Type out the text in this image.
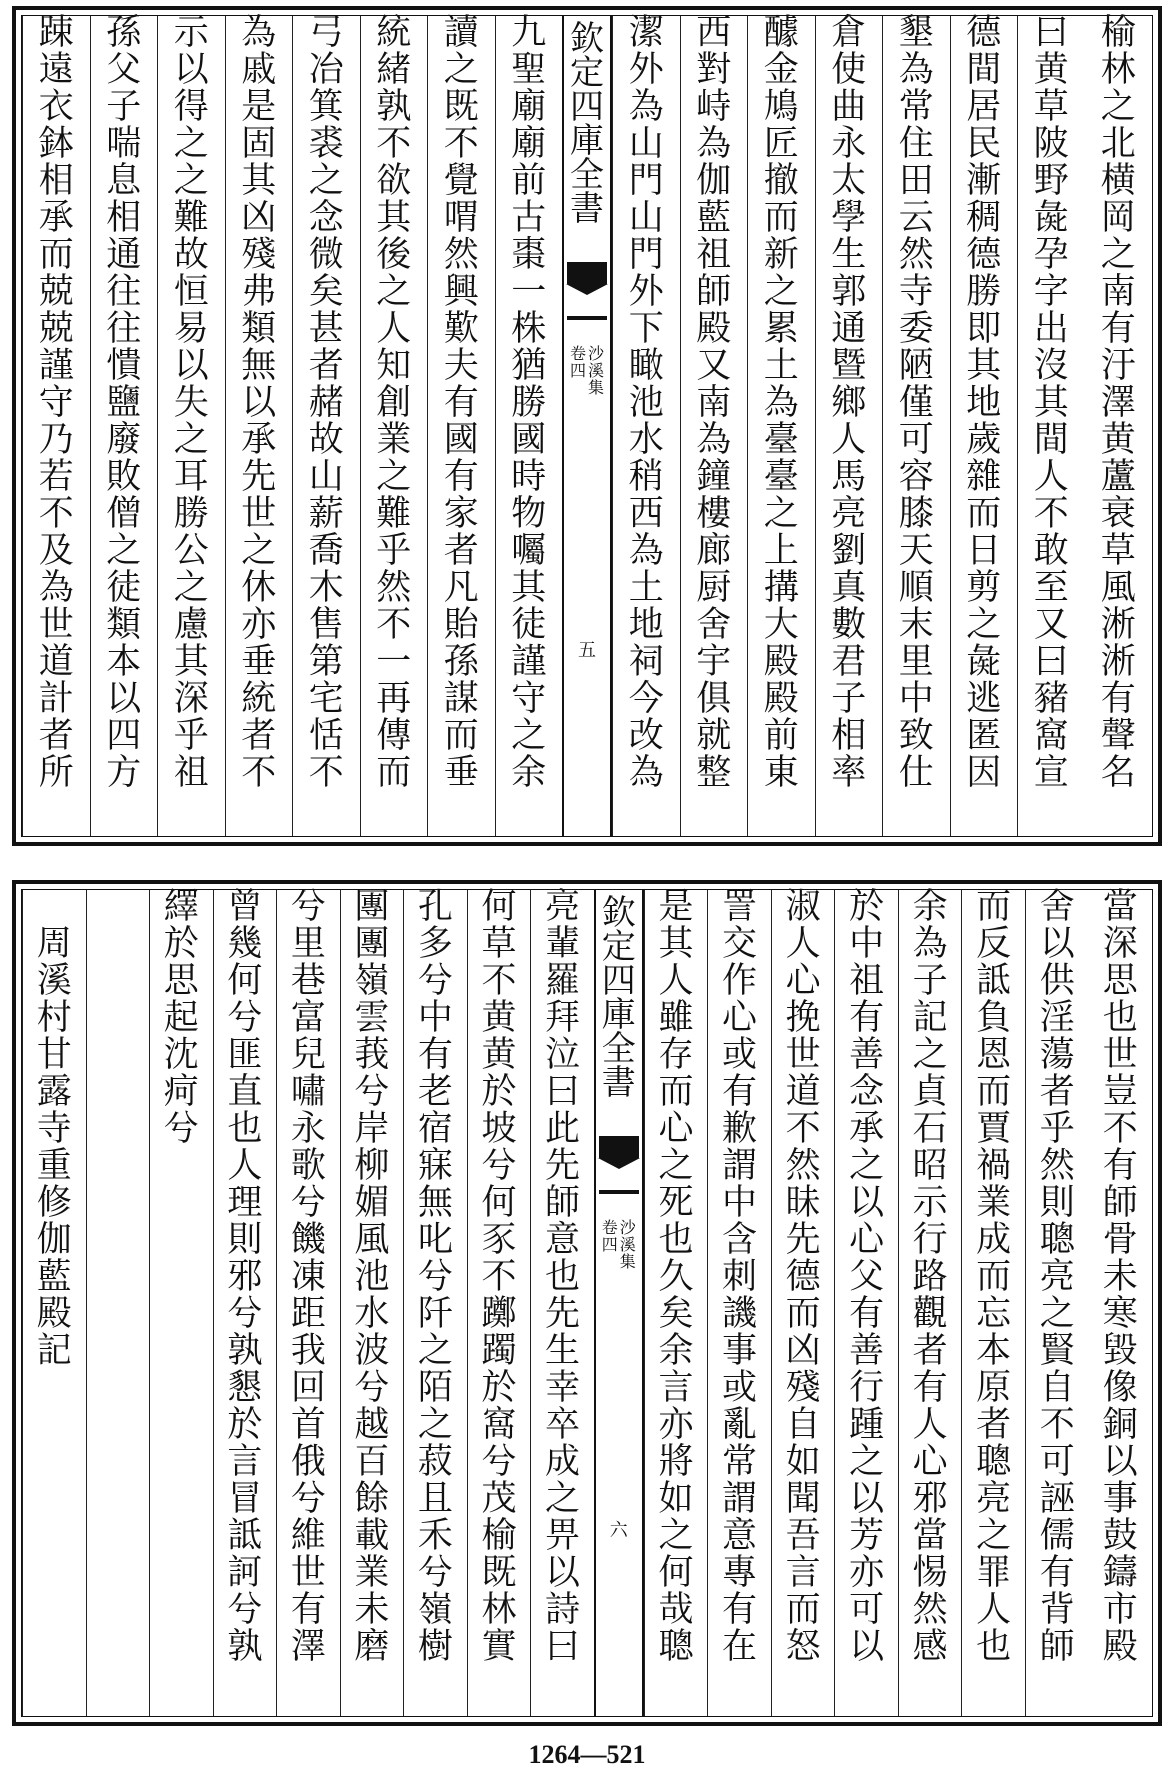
榆
林
之
北
横
岡
之
南
有
汙
澤
黄
蘆
衰
草
風
淅
淅
有
聲
名
曰
黄
草
陂
野
彘
孕
字
出
沒
其
間
人
不
敢
至
又
曰
豬
窩
宣
德
間
居
民
漸
稠
德
勝
即
其
地
歲
雜
而
日
剪
之
彘
逃
匿
因
墾
為
常
住
田
云
然
寺
委
陋
僅
可
容
膝
天
順
末
里
中
致
仕
倉
使
曲
永
太
學
生
郭
通
暨
鄉
人
馬
亮
劉
真
數
君
子
相
率
醵
金
鳩
匠
撤
而
新
之
累
土
為
臺
臺
之
上
搆
大
殿
殿
前
東
西
對
峙
為
伽
藍
祖
師
殿
又
南
為
鐘
樓
廊
厨
舍
宇
俱
就
整
潔
外
為
山
門
山
門
外
下
瞰
池
水
稍
西
為
土
地
祠
今
改
為
欽
定
四
庫
全
書
卷
四
沙
溪
集
五
九
聖
廟
廟
前
古
棗
一
株
猶
勝
國
時
物
囑
其
徒
謹
守
之
余
讀
之
既
不
覺
喟
然
興
歎
夫
有
國
有
家
者
凡
貽
孫
謀
而
垂
統
緒
孰
不
欲
其
後
之
人
知
創
業
之
難
乎
然
不
一
再
傳
而
弓
冶
箕
裘
之
念
微
矣
甚
者
赭
故
山
薪
喬
木
售
第
宅
恬
不
為
戚
是
固
其
凶
殘
弗
類
無
以
承
先
世
之
休
亦
垂
統
者
不
示
以
得
之
之
難
故
恒
易
以
失
之
耳
勝
公
之
慮
其
深
乎
祖
孫
父
子
喘
息
相
通
往
往
憒
鹽
廢
敗
僧
之
徒
類
本
以
四
方
踈
遠
衣
鉢
相
承
而
兢
兢
謹
守
乃
若
不
及
為
世
道
計
者
所
當
深
思
也
世
豈
不
有
師
骨
未
寒
毀
像
銅
以
事
鼓
鑄
市
殿
舍
以
供
淫
蕩
者
乎
然
則
聰
亮
之
賢
自
不
可
誣
儒
有
背
師
而
反
詆
負
恩
而
賈
禍
業
成
而
忘
本
原
者
聰
亮
之
罪
人
也
余
為
子
記
之
貞
石
昭
示
行
路
觀
者
有
人
心
邪
當
惕
然
感
於
中
祖
有
善
念
承
之
以
心
父
有
善
行
踵
之
以
芳
亦
可
以
淑
人
心
挽
世
道
不
然
昧
先
德
而
凶
殘
自
如
聞
吾
言
而
怒
詈
交
作
心
或
有
歉
謂
中
含
刺
譏
事
或
亂
常
謂
意
專
有
在
是
其
人
雖
存
而
心
之
死
也
久
矣
余
言
亦
將
如
之
何
哉
聰
欽
定
四
庫
全
書
卷
四
沙
溪
集
六
亮
輩
羅
拜
泣
曰
此
先
師
意
也
先
生
幸
卒
成
之
畀
以
詩
曰
何
草
不
黄
黄
於
坡
兮
何
豕
不
躑
躅
於
窩
兮
茂
榆
既
林
實
孔
多
兮
中
有
老
宿
寐
無
叱
兮
阡
之
陌
之
菽
且
禾
兮
嶺
樹
團
團
嶺
雲
莪
兮
岸
柳
媚
風
池
水
波
兮
越
百
餘
載
業
未
磨
兮
里
巷
富
兒
嘯
永
歌
兮
饑
凍
距
我
回
首
俄
兮
維
世
有
澤
曾
幾
何
兮
匪
直
也
人
理
則
邪
兮
孰
懇
於
言
冒
詆
訶
兮
孰
繹
於
思
起
沈
疴
兮

周
溪
村
甘
露
寺
重
修
伽
藍
殿
記
1264—521
